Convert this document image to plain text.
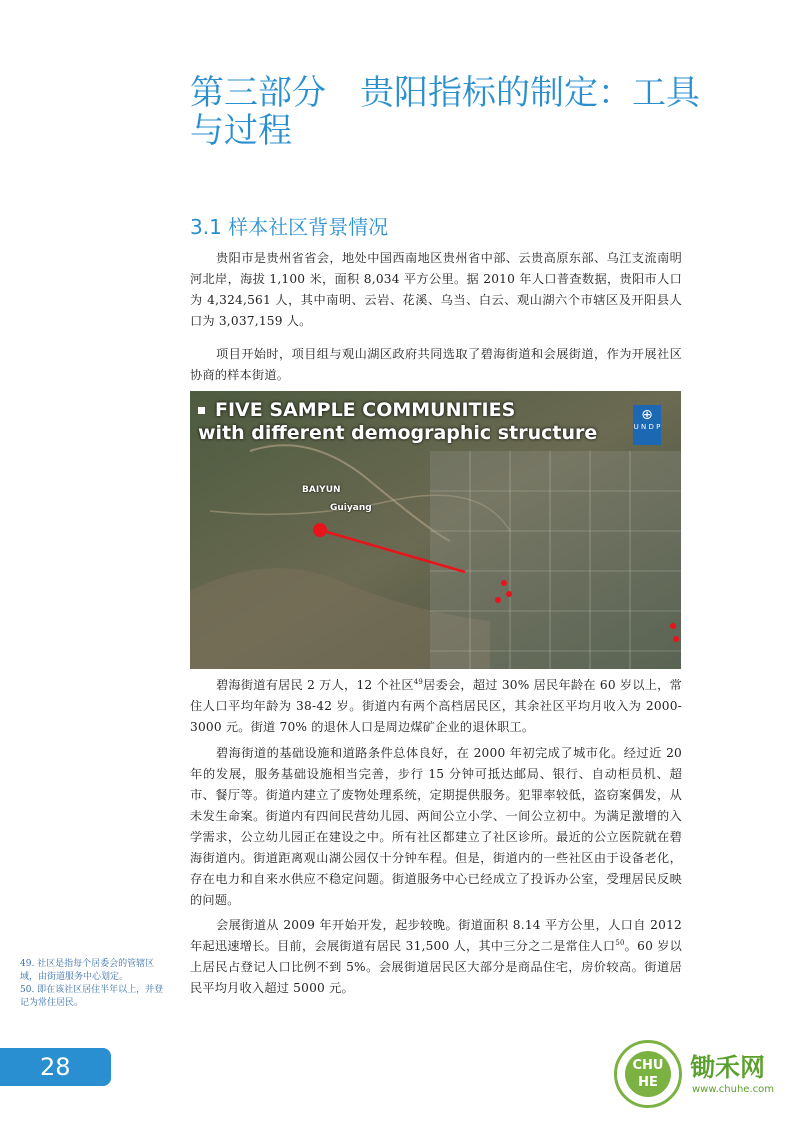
第三部分　贵阳指标的制定：工具与过程
3.1 样本社区背景情况

贵阳市是贵州省省会，地处中国西南地区贵州省中部、云贵高原东部、乌江支流南明河北岸，海拔 1,100 米，面积 8,034 平方公里。据 2010 年人口普查数据，贵阳市人口为 4,324,561 人，其中南明、云岩、花溪、乌当、白云、观山湖六个市辖区及开阳县人口为 3,037,159 人。

项目开始时，项目组与观山湖区政府共同选取了碧海街道和会展街道，作为开展社区协商的样本街道。

FIVE SAMPLE COMMUNITIES
with different demographic structure
⊕
U N D P
BAIYUN
Guiyang

碧海街道有居民 2 万人，12 个社区$^{49}$居委会，超过 30% 居民年龄在 60 岁以上，常住人口平均年龄为 38-42 岁。街道内有两个高档居民区，其余社区平均月收入为 2000-3000 元。街道 70% 的退休人口是周边煤矿企业的退休职工。

碧海街道的基础设施和道路条件总体良好，在 2000 年初完成了城市化。经过近 20 年的发展，服务基础设施相当完善，步行 15 分钟可抵达邮局、银行、自动柜员机、超市、餐厅等。街道内建立了废物处理系统，定期提供服务。犯罪率较低，盗窃案偶发，从未发生命案。街道内有四间民营幼儿园、两间公立小学、一间公立初中。为满足激增的入学需求，公立幼儿园正在建设之中。所有社区都建立了社区诊所。最近的公立医院就在碧海街道内。街道距离观山湖公园仅十分钟车程。但是，街道内的一些社区由于设备老化，存在电力和自来水供应不稳定问题。街道服务中心已经成立了投诉办公室，受理居民反映的问题。

会展街道从 2009 年开始开发，起步较晚。街道面积 8.14 平方公里，人口自 2012 年起迅速增长。目前，会展街道有居民 31,500 人，其中三分之二是常住人口$^{50}$。60 岁以上居民占登记人口比例不到 5%。会展街道居民区大部分是商品住宅，房价较高。街道居民平均月收入超过 5000 元。

49. 社区是指每个居委会的管辖区域，由街道服务中心划定。
50. 即在该社区居住半年以上，并登记为常住居民。
28	CHU HE
锄禾网
www.chuhe.com
